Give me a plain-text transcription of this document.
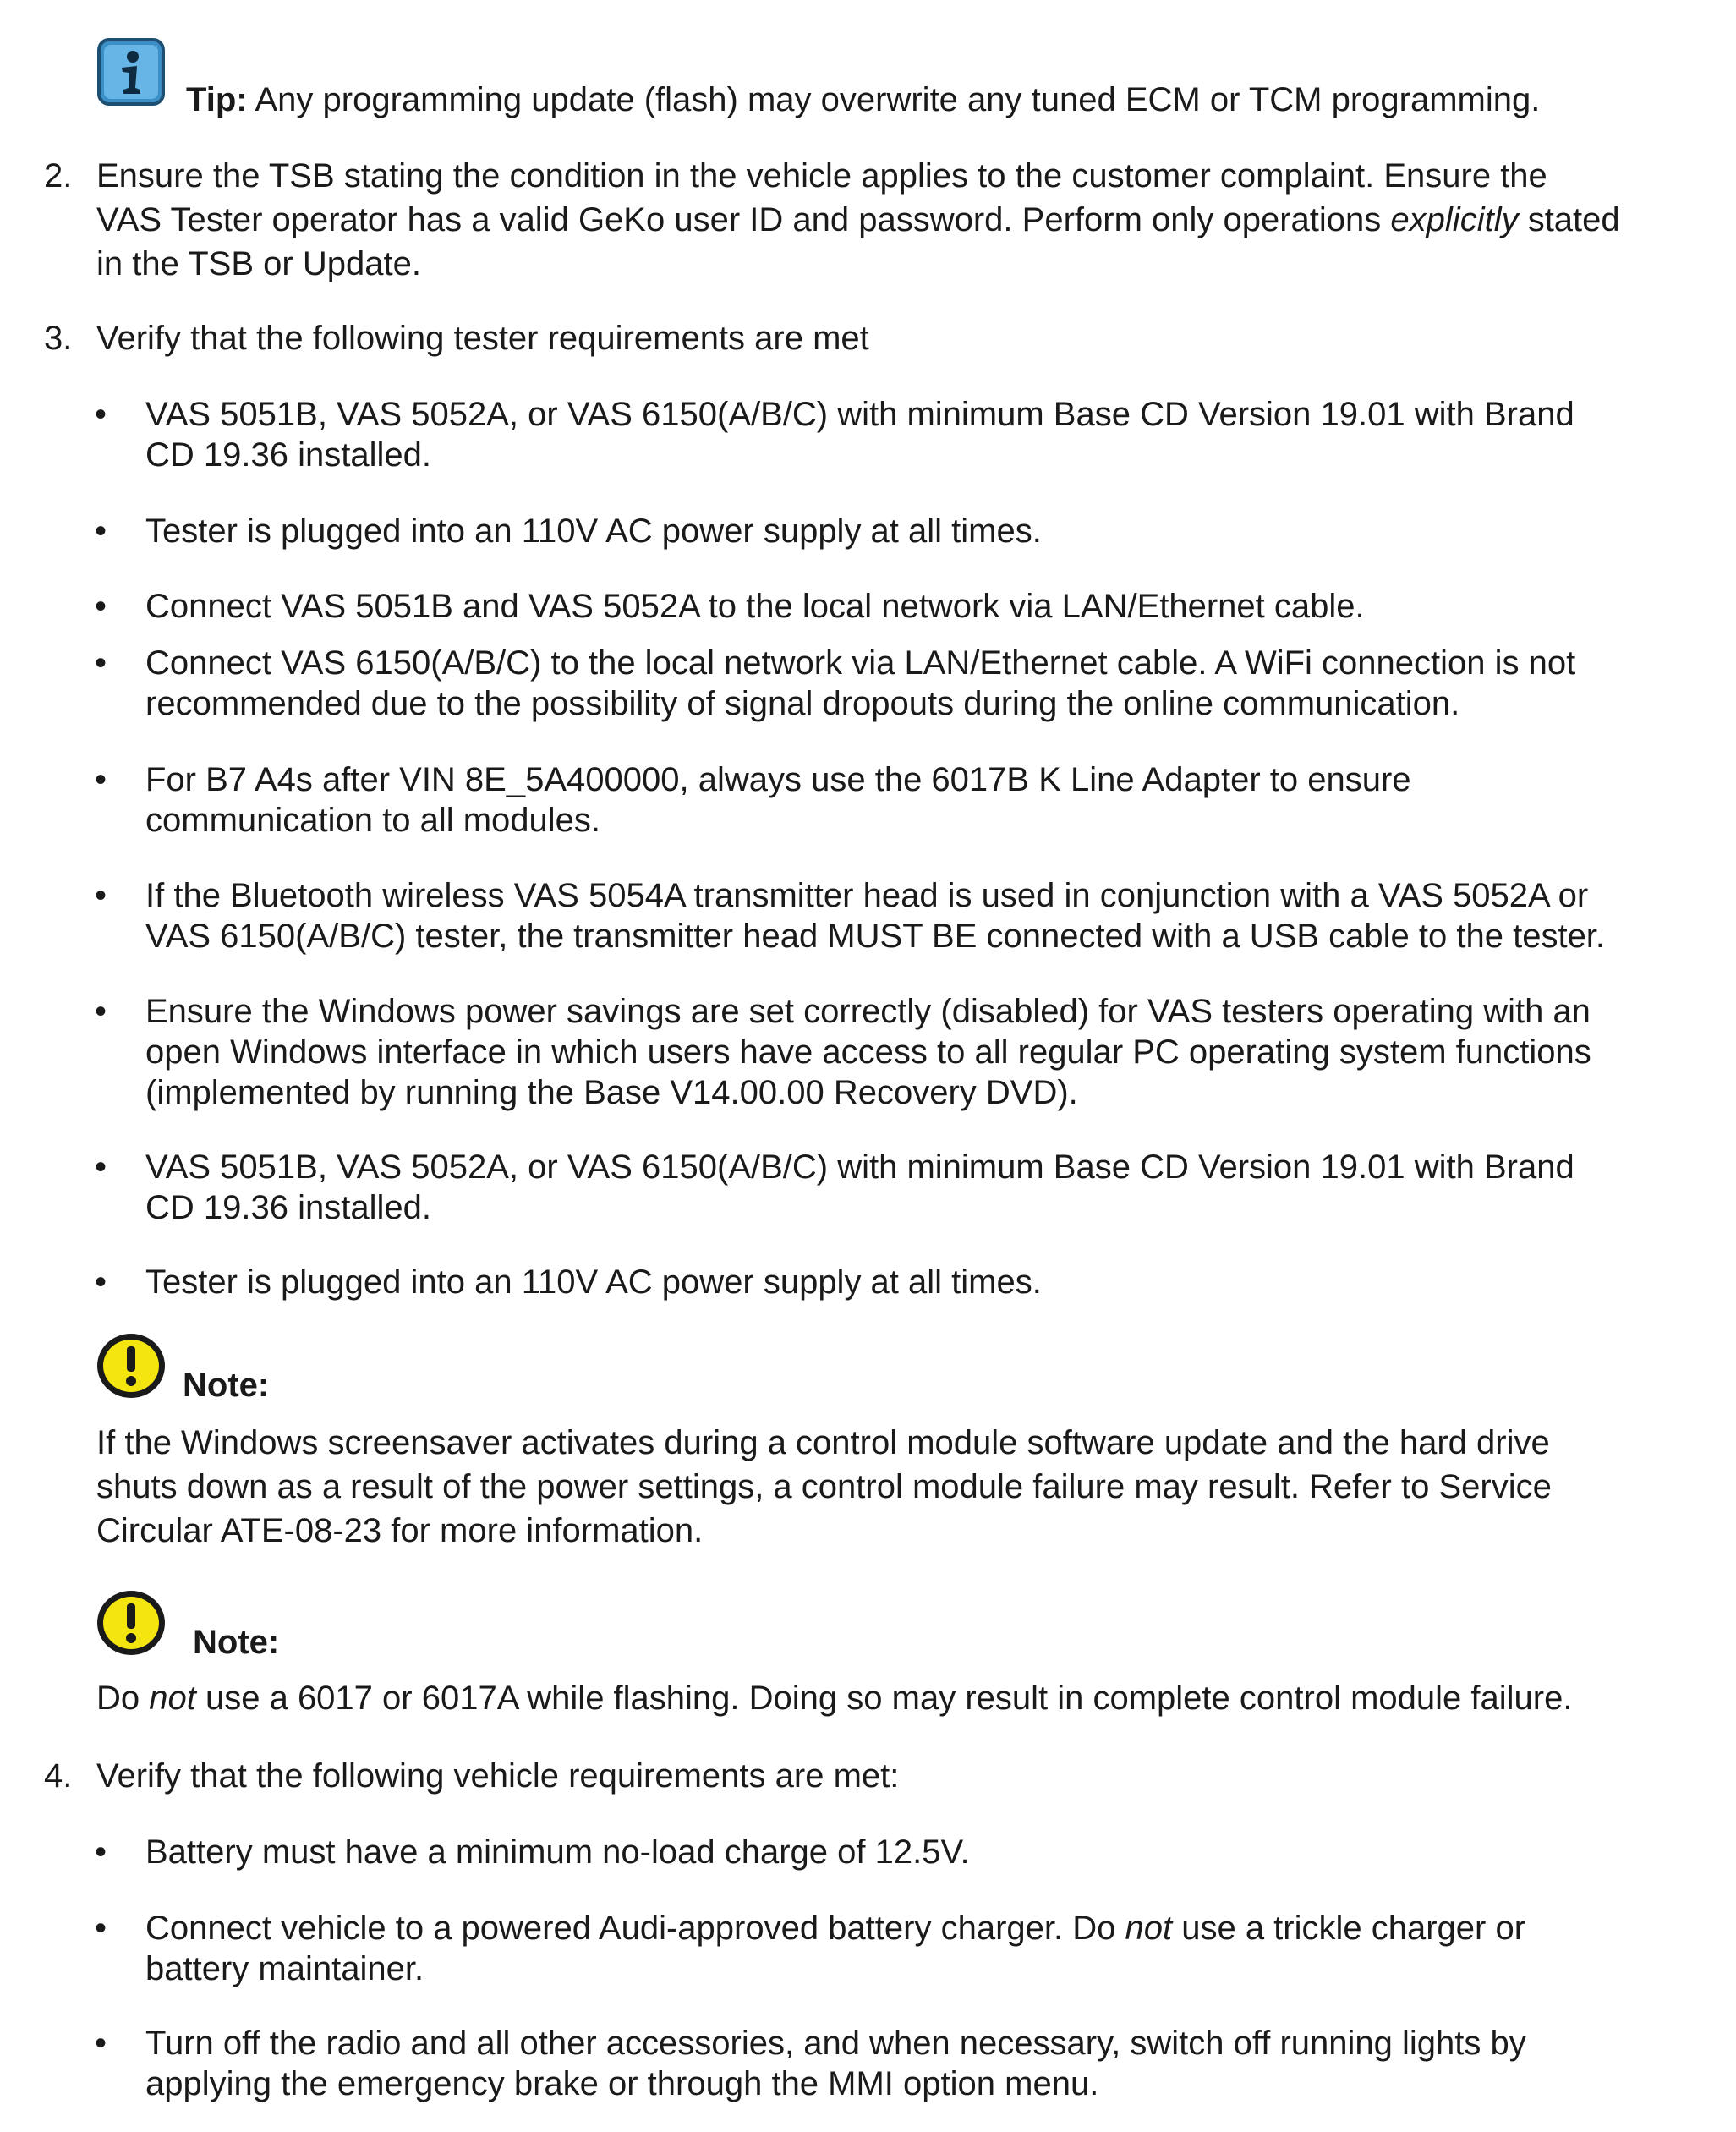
Tip: Any programming update (flash) may overwrite any tuned ECM or TCM programming.
2. Ensure the TSB stating the condition in the vehicle applies to the customer complaint. Ensure the
VAS Tester operator has a valid GeKo user ID and password. Perform only operations explicitly stated
in the TSB or Update.
3. Verify that the following tester requirements are met
• VAS 5051B, VAS 5052A, or VAS 6150(A/B/C) with minimum Base CD Version 19.01 with Brand
CD 19.36 installed.
• Tester is plugged into an 110V AC power supply at all times.
• Connect VAS 5051B and VAS 5052A to the local network via LAN/Ethernet cable.
• Connect VAS 6150(A/B/C) to the local network via LAN/Ethernet cable. A WiFi connection is not
recommended due to the possibility of signal dropouts during the online communication.
• For B7 A4s after VIN 8E_5A400000, always use the 6017B K Line Adapter to ensure
communication to all modules.
• If the Bluetooth wireless VAS 5054A transmitter head is used in conjunction with a VAS 5052A or
VAS 6150(A/B/C) tester, the transmitter head MUST BE connected with a USB cable to the tester.
• Ensure the Windows power savings are set correctly (disabled) for VAS testers operating with an
open Windows interface in which users have access to all regular PC operating system functions
(implemented by running the Base V14.00.00 Recovery DVD).
• VAS 5051B, VAS 5052A, or VAS 6150(A/B/C) with minimum Base CD Version 19.01 with Brand
CD 19.36 installed.
• Tester is plugged into an 110V AC power supply at all times.
Note:
If the Windows screensaver activates during a control module software update and the hard drive
shuts down as a result of the power settings, a control module failure may result. Refer to Service
Circular ATE-08-23 for more information.
Note:
Do not use a 6017 or 6017A while flashing. Doing so may result in complete control module failure.
4. Verify that the following vehicle requirements are met:
• Battery must have a minimum no-load charge of 12.5V.
• Connect vehicle to a powered Audi-approved battery charger. Do not use a trickle charger or
battery maintainer.
• Turn off the radio and all other accessories, and when necessary, switch off running lights by
applying the emergency brake or through the MMI option menu.
